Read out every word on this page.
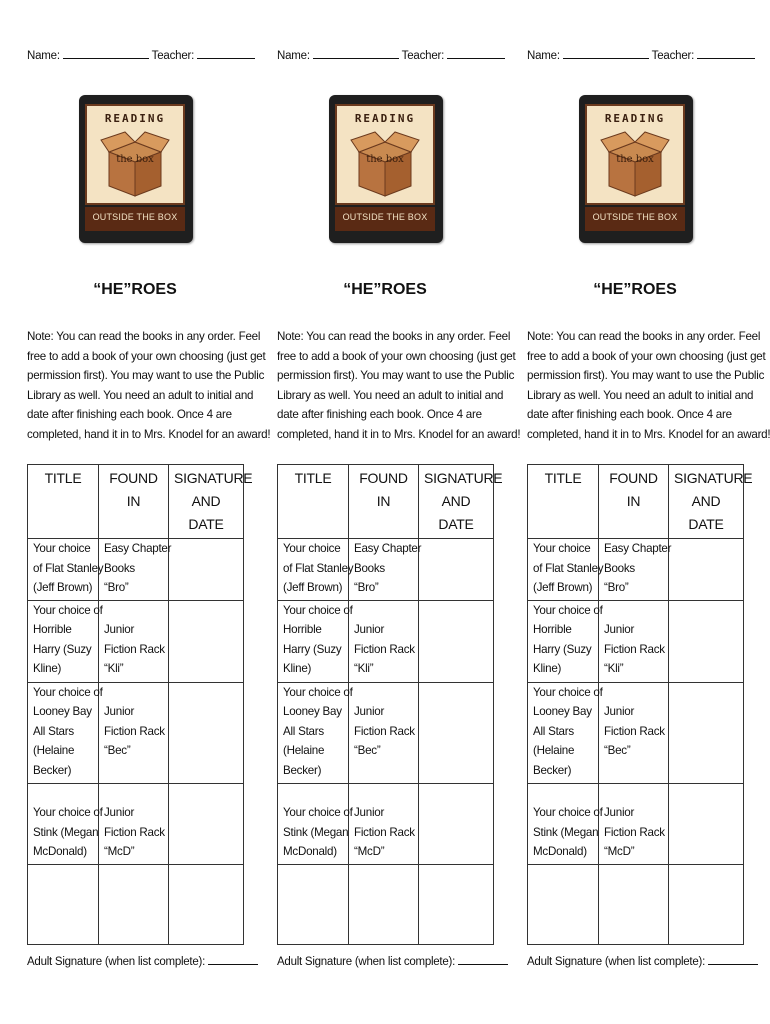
Name:	Teacher:
READING
the box
OUTSIDE THE BOX
“HE”ROES
Note: You can read the books in any order. Feel
free to add a book of your own choosing (just get
permission first). You may want to use the Public
Library as well. You need an adult to initial and
date after finishing each book. Once 4 are
completed, hand it in to Mrs. Knodel for an award!
TITLE	FOUND IN	SIGNATURE
AND DATE

Your choice
of Flat Stanley
(Jeff Brown)	Easy Chapter
Books
“Bro”	

Your choice of
Horrible
Harry (Suzy
Kline)	Junior
Fiction Rack
“Kli”	

Your choice of
Looney Bay
All Stars
(Helaine
Becker)	Junior
Fiction Rack
“Bec”	

Your choice of
Stink (Megan
McDonald)	Junior
Fiction Rack
“McD”	

Adult Signature (when list complete):
Name:	Teacher:
READING
the box
OUTSIDE THE BOX
“HE”ROES
Note: You can read the books in any order. Feel
free to add a book of your own choosing (just get
permission first). You may want to use the Public
Library as well. You need an adult to initial and
date after finishing each book. Once 4 are
completed, hand it in to Mrs. Knodel for an award!
TITLE	FOUND IN	SIGNATURE
AND DATE

Your choice
of Flat Stanley
(Jeff Brown)	Easy Chapter
Books
“Bro”	

Your choice of
Horrible
Harry (Suzy
Kline)	Junior
Fiction Rack
“Kli”	

Your choice of
Looney Bay
All Stars
(Helaine
Becker)	Junior
Fiction Rack
“Bec”	

Your choice of
Stink (Megan
McDonald)	Junior
Fiction Rack
“McD”	

Adult Signature (when list complete):
Name:	Teacher:
READING
the box
OUTSIDE THE BOX
“HE”ROES
Note: You can read the books in any order. Feel
free to add a book of your own choosing (just get
permission first). You may want to use the Public
Library as well. You need an adult to initial and
date after finishing each book. Once 4 are
completed, hand it in to Mrs. Knodel for an award!
TITLE	FOUND IN	SIGNATURE
AND DATE

Your choice
of Flat Stanley
(Jeff Brown)	Easy Chapter
Books
“Bro”	

Your choice of
Horrible
Harry (Suzy
Kline)	Junior
Fiction Rack
“Kli”	

Your choice of
Looney Bay
All Stars
(Helaine
Becker)	Junior
Fiction Rack
“Bec”	

Your choice of
Stink (Megan
McDonald)	Junior
Fiction Rack
“McD”	

Adult Signature (when list complete):
